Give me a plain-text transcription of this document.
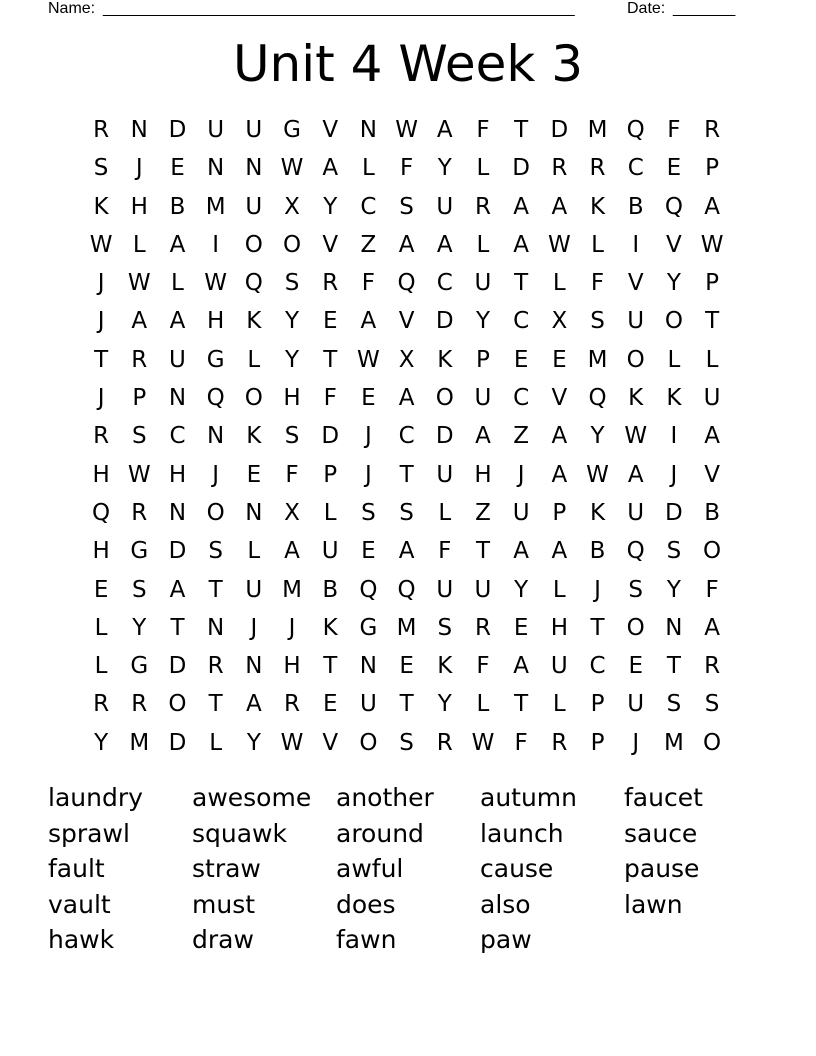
Name: _____________________________________________________	Date: _______
Unit 4 Week 3
R N D U U G V N W A	F	T D M Q F	R
S	J	E N N W A	L	F	Y	L D R R C E	P
K H B M U X	Y	C S U R A A K B Q A
W L	A	I	O O V Z A A	L	A W L	I	V W
J	W L W Q S R	F Q C U T	L	F	V	Y	P
J	A A H K	Y	E	A V D Y	C X	S U O T
T	R U G L	Y	T W X K	P	E	E M O L	L
J	P N Q O H F	E	A O U C V Q K	K U
R S C N K	S D	J	C D A Z A	Y W	I	A
H W H	J	E	F	P	J	T U H	J	A W A	J	V
Q R N O N X	L	S	S	L	Z U P	K U D B
H G D S	L	A U E	A	F	T	A A B Q S O
E	S	A	T U M B Q Q U U Y	L	J	S	Y	F
L	Y	T N	J	J	K G M S R E H T O N A
L G D R N H T N E	K	F	A U C E	T	R
R R O T	A R E U T	Y	L	T	L	P U S	S
Y M D L	Y W V O S R W F	R	P	J	M O
laundry	awesome another	autumn	faucet
sprawl	squawk	around	launch	sauce
fault	straw	awful	cause	pause
vault	must	does	also	lawn
hawk	draw	fawn	paw
